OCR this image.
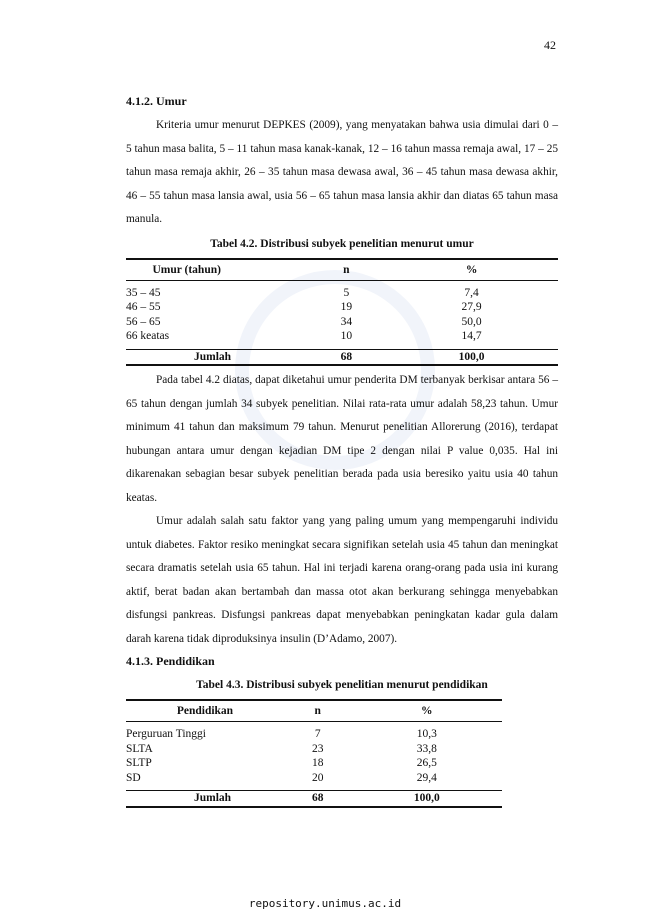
42

4.1.2. Umur

Kriteria umur menurut DEPKES (2009), yang menyatakan bahwa usia dimulai dari 0 – 5 tahun masa balita, 5 – 11 tahun masa kanak-kanak, 12 – 16 tahun massa remaja awal, 17 – 25 tahun masa remaja akhir, 26 – 35 tahun masa dewasa awal, 36 – 45 tahun masa dewasa akhir, 46 – 55 tahun masa lansia awal, usia 56 – 65 tahun masa lansia akhir dan diatas 65 tahun masa manula.

Tabel 4.2. Distribusi subyek penelitian menurut umur

Umur (tahun)	n	%
35 – 45	5	7,4
46 – 55	19	27,9
56 – 65	34	50,0
66 keatas	10	14,7
Jumlah	68	100,0

Pada tabel 4.2 diatas, dapat diketahui umur penderita DM terbanyak berkisar antara 56 – 65 tahun dengan jumlah 34 subyek penelitian. Nilai rata-rata umur adalah 58,23 tahun. Umur minimum 41 tahun dan maksimum 79 tahun. Menurut penelitian Allorerung (2016), terdapat hubungan antara umur dengan kejadian DM tipe 2 dengan nilai P value 0,035. Hal ini dikarenakan sebagian besar subyek penelitian berada pada usia beresiko yaitu usia 40 tahun keatas.

Umur adalah salah satu faktor yang yang paling umum yang mempengaruhi individu untuk diabetes. Faktor resiko meningkat secara signifikan setelah usia 45 tahun dan meningkat secara dramatis setelah usia 65 tahun. Hal ini terjadi karena orang-orang pada usia ini kurang aktif, berat badan akan bertambah dan massa otot akan berkurang sehingga menyebabkan disfungsi pankreas. Disfungsi pankreas dapat menyebabkan peningkatan kadar gula dalam darah karena tidak diproduksinya insulin (D’Adamo, 2007).

4.1.3. Pendidikan

Tabel 4.3. Distribusi subyek penelitian menurut pendidikan

Pendidikan	n	%
Perguruan Tinggi	7	10,3
SLTA	23	33,8
SLTP	18	26,5
SD	20	29,4
Jumlah	68	100,0
repository.unimus.ac.id
